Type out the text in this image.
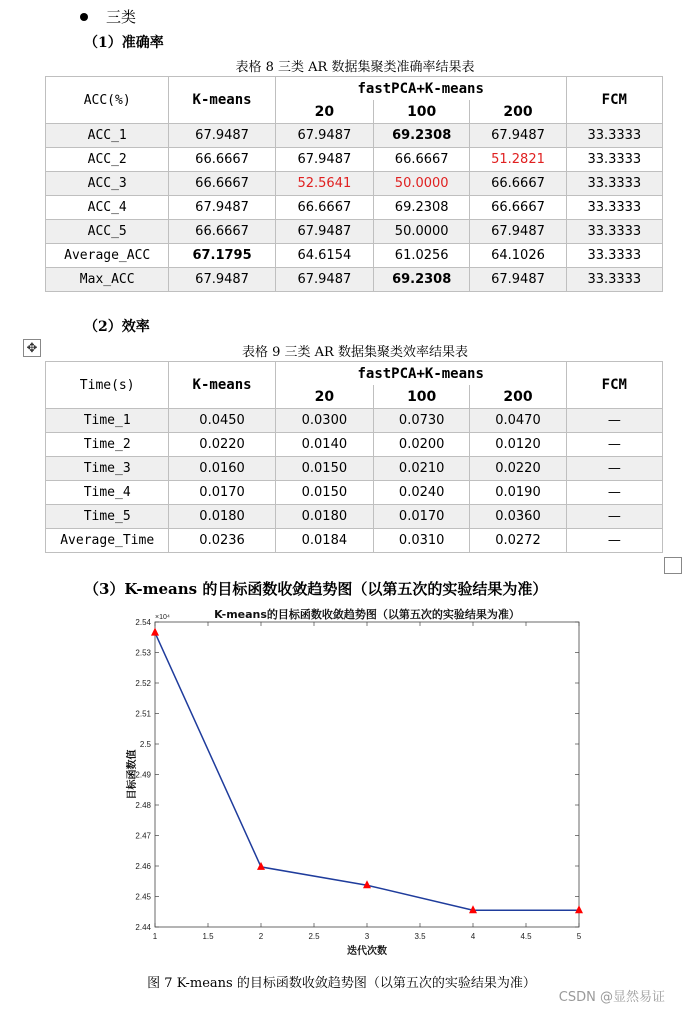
三类
（1）准确率
表格 8 三类 AR 数据集聚类准确率结果表
ACC(%)	K-means	fastPCA+K-means			FCM
		20	100	200	
ACC_1	67.9487	67.9487	69.2308	67.9487	33.3333
ACC_2	66.6667	67.9487	66.6667	51.2821	33.3333
ACC_3	66.6667	52.5641	50.0000	66.6667	33.3333
ACC_4	67.9487	66.6667	69.2308	66.6667	33.3333
ACC_5	66.6667	67.9487	50.0000	67.9487	33.3333
Average_ACC	67.1795	64.6154	61.0256	64.1026	33.3333
Max_ACC	67.9487	67.9487	69.2308	67.9487	33.3333
（2）效率
✥	表格 9 三类 AR 数据集聚类效率结果表
Time(s)	K-means	fastPCA+K-means			FCM
		20	100	200	
Time_1	0.0450	0.0300	0.0730	0.0470	—
Time_2	0.0220	0.0140	0.0200	0.0120	—
Time_3	0.0160	0.0150	0.0210	0.0220	—
Time_4	0.0170	0.0150	0.0240	0.0190	—
Time_5	0.0180	0.0180	0.0170	0.0360	—
Average_Time	0.0236	0.0184	0.0310	0.0272	—
（3）K-means 的目标函数收敛趋势图（以第五次的实验结果为准）
1	1.5	2	2.5	3	3.5	4	4.5	5
2.44
2.45
2.46
2.47
2.48
2.49
2.5
2.51
2.52
2.53
2.54
×10⁴	K-means的目标函数收敛趋势图（以第五次的实验结果为准）
迭代次数
目标函数值
图 7 K-means 的目标函数收敛趋势图（以第五次的实验结果为准）
CSDN @显然易证
